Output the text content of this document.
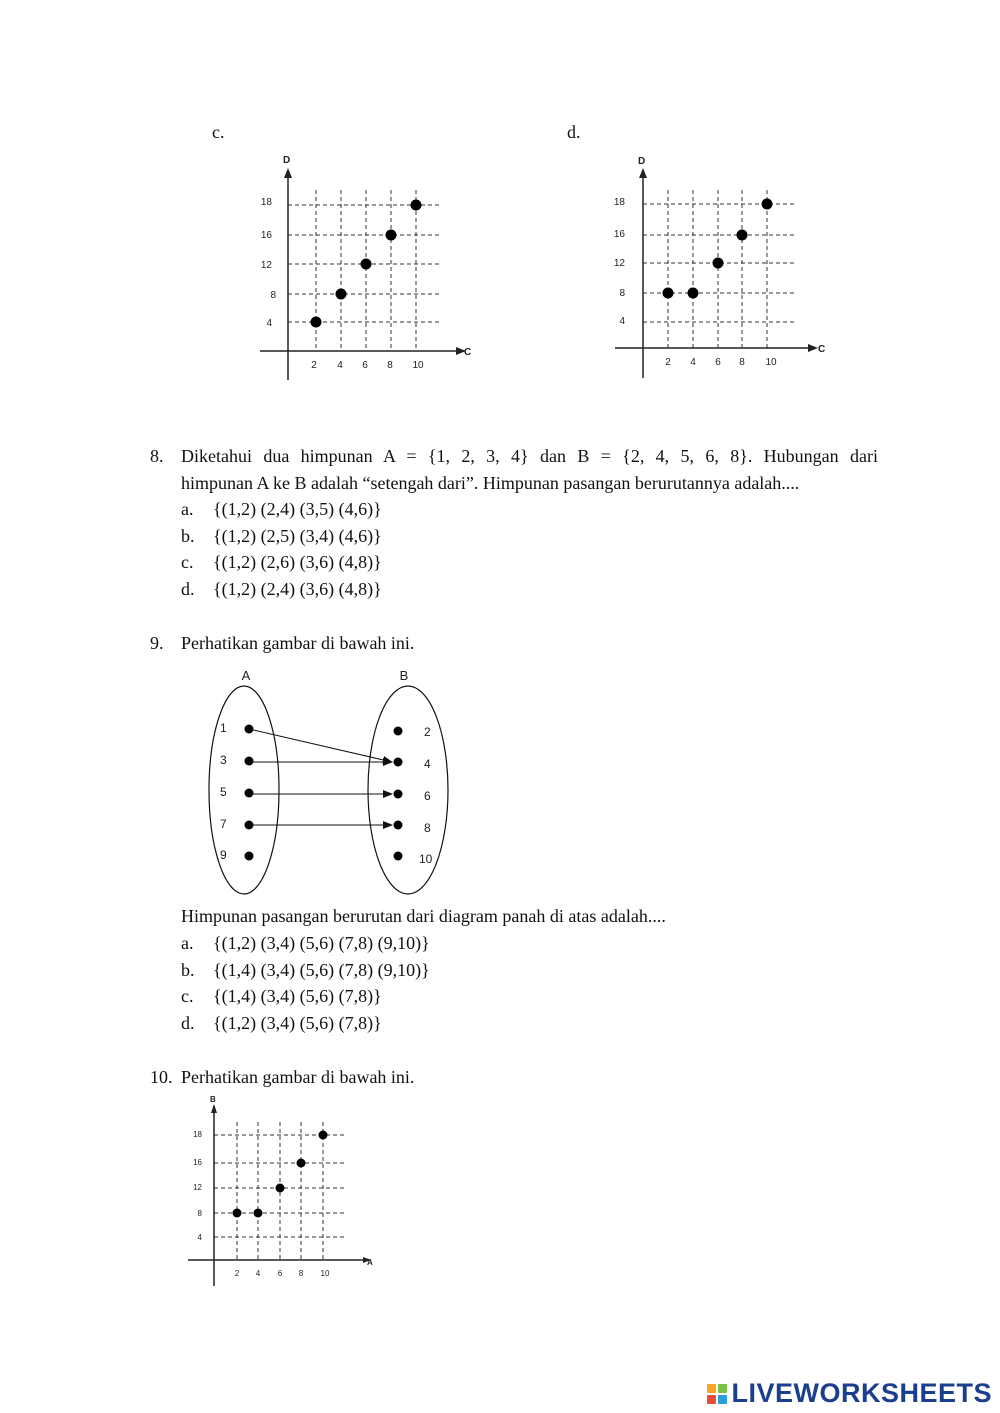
c.
D
C
2 4 6 8 10
4
8
12
16
18
d.
D
C
2 4 6 8 10
4
8
12
16
18
8. Diketahui dua himpunan A = {1, 2, 3, 4} dan B = {2, 4, 5, 6, 8}. Hubungan dari
himpunan A ke B adalah “setengah dari”. Himpunan pasangan berurutannya adalah....
a. {(1,2) (2,4) (3,5) (4,6)}
b. {(1,2) (2,5) (3,4) (4,6)}
c. {(1,2) (2,6) (3,6) (4,8)}
d. {(1,2) (2,4) (3,6) (4,8)}
9. Perhatikan gambar di bawah ini.
A	B
1
3
5
7
9
2
4
6
8
10
Himpunan pasangan berurutan dari diagram panah di atas adalah....
a. {(1,2) (3,4) (5,6) (7,8) (9,10)}
b. {(1,4) (3,4) (5,6) (7,8) (9,10)}
c. {(1,4) (3,4) (5,6) (7,8)}
d. {(1,2) (3,4) (5,6) (7,8)}
10. Perhatikan gambar di bawah ini.
B
A
2 4 6 8 10
4
8
12
16
18
LIVEWORKSHEETS
